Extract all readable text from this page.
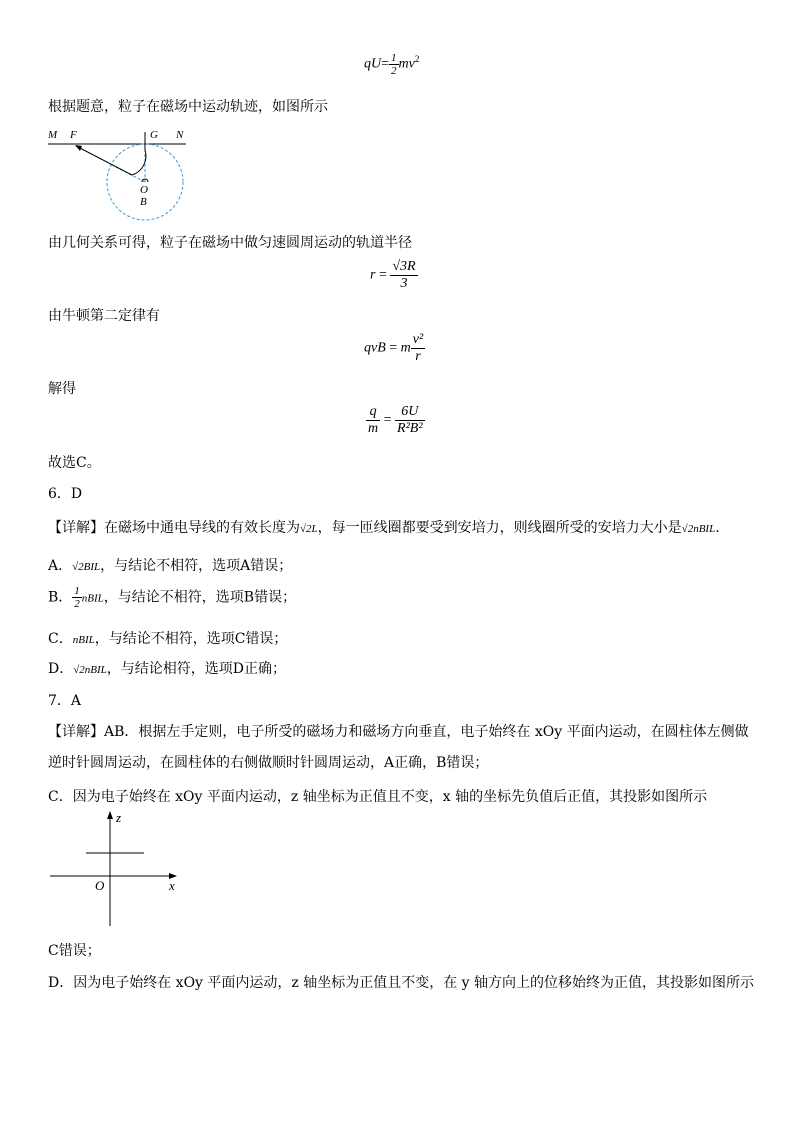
$qU= \frac{1}{2} mv^2$
根据题意，粒子在磁场中运动轨迹，如图所示
M F	G N
O
B
由几何关系可得，粒子在磁场中做匀速圆周运动的轨道半径
$r = \frac{√3R}{3}$
由牛顿第二定律有
qvB = m $\frac{\text{v²}}{r}$
解得
$\frac{q}{m} = \frac{6U}{\text{R²B²}}$
故选C。
6．D
【详解】在磁场中通电导线的有效长度为√2L，每一匝线圈都要受到安培力，则线圈所受的安培力大小是√2nBIL.
A．√2BIL，与结论不相符，选项A错误；
B． $\frac{1}{2}$ nBIL，与结论不相符，选项B错误；
C．nBIL，与结论不相符，选项C错误；
D．√2nBIL，与结论相符，选项D正确；
7．A
【详解】AB．根据左手定则，电子所受的磁场力和磁场方向垂直，电子始终在 xOy 平面内运动，在圆柱体左侧做
逆时针圆周运动，在圆柱体的右侧做顺时针圆周运动，A正确，B错误；
C．因为电子始终在 xOy 平面内运动，z 轴坐标为正值且不变，x 轴的坐标先负值后正值，其投影如图所示
z
O	x
C错误；
D．因为电子始终在 xOy 平面内运动，z 轴坐标为正值且不变，在 y 轴方向上的位移始终为正值，其投影如图所示
